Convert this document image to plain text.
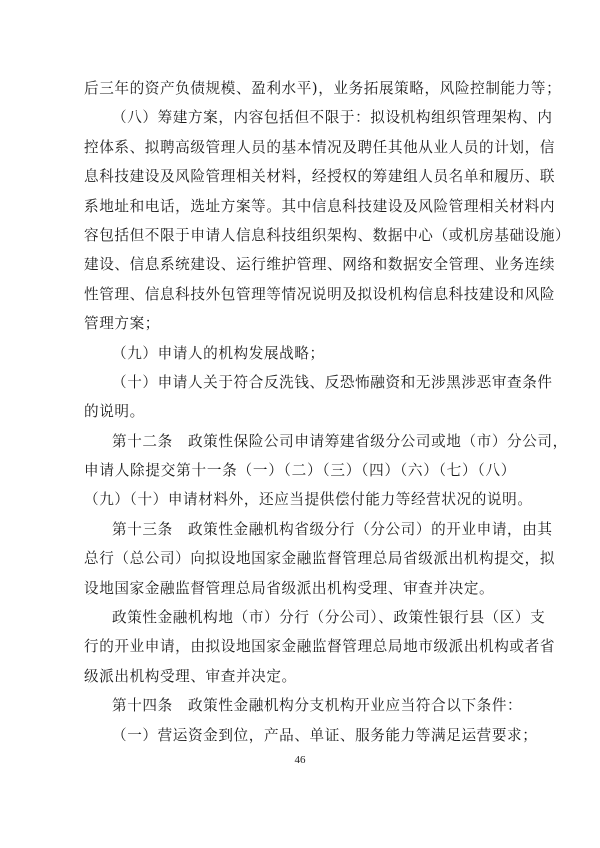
后三年的资产负债规模、盈利水平)，业务拓展策略，风险控制能力等；
（八）筹建方案，内容包括但不限于：拟设机构组织管理架构、内
控体系、拟聘高级管理人员的基本情况及聘任其他从业人员的计划，信
息科技建设及风险管理相关材料，经授权的筹建组人员名单和履历、联
系地址和电话，选址方案等。其中信息科技建设及风险管理相关材料内
容包括但不限于申请人信息科技组织架构、数据中心（或机房基础设施）
建设、信息系统建设、运行维护管理、网络和数据安全管理、业务连续
性管理、信息科技外包管理等情况说明及拟设机构信息科技建设和风险
管理方案；
（九）申请人的机构发展战略；
（十）申请人关于符合反洗钱、反恐怖融资和无涉黑涉恶审查条件
的说明。
第十二条　政策性保险公司申请筹建省级分公司或地（市）分公司，
申请人除提交第十一条（一）（二）（三）（四）（六）（七）（八）
（九）（十）申请材料外，还应当提供偿付能力等经营状况的说明。
第十三条　政策性金融机构省级分行（分公司）的开业申请，由其
总行（总公司）向拟设地国家金融监督管理总局省级派出机构提交，拟
设地国家金融监督管理总局省级派出机构受理、审查并决定。
政策性金融机构地（市）分行（分公司）、政策性银行县（区）支
行的开业申请，由拟设地国家金融监督管理总局地市级派出机构或者省
级派出机构受理、审查并决定。
第十四条　政策性金融机构分支机构开业应当符合以下条件：
（一）营运资金到位，产品、单证、服务能力等满足运营要求；
46
